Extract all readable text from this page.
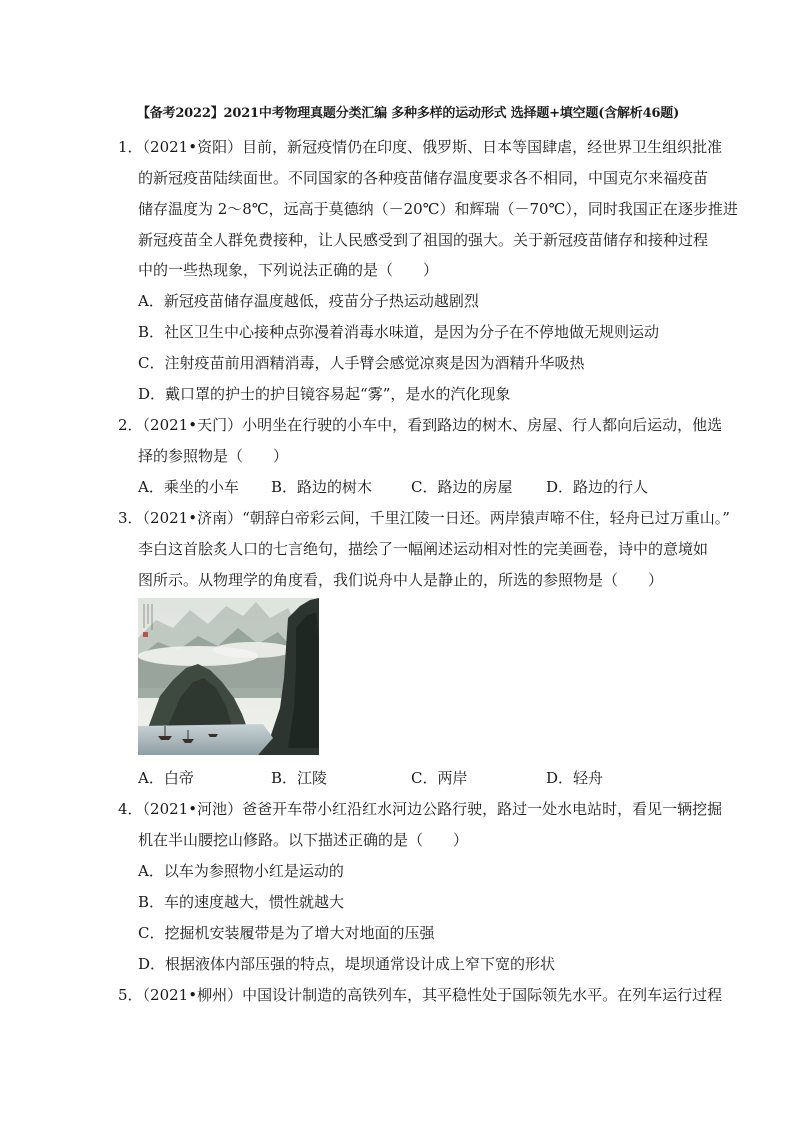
【备考2022】2021中考物理真题分类汇编 多种多样的运动形式 选择题+填空题(含解析46题)
1．（2021•资阳）目前，新冠疫情仍在印度、俄罗斯、日本等国肆虐，经世界卫生组织批准
的新冠疫苗陆续面世。不同国家的各种疫苗储存温度要求各不相同，中国克尔来福疫苗
储存温度为 2～8℃，远高于莫德纳（－20℃）和辉瑞（－70℃），同时我国正在逐步推进
新冠疫苗全人群免费接种，让人民感受到了祖国的强大。关于新冠疫苗储存和接种过程
中的一些热现象，下列说法正确的是（　　）
A．新冠疫苗储存温度越低，疫苗分子热运动越剧烈
B．社区卫生中心接种点弥漫着消毒水味道，是因为分子在不停地做无规则运动
C．注射疫苗前用酒精消毒，人手臂会感觉凉爽是因为酒精升华吸热
D．戴口罩的护士的护目镜容易起“雾”，是水的汽化现象
2．（2021•天门）小明坐在行驶的小车中，看到路边的树木、房屋、行人都向后运动，他选
择的参照物是（　　）
A．乘坐的小车 B．路边的树木	C．路边的房屋 D．路边的行人
3．（2021•济南）“朝辞白帝彩云间，千里江陵一日还。两岸猿声啼不住，轻舟已过万重山。”
李白这首脍炙人口的七言绝句，描绘了一幅阐述运动相对性的完美画卷，诗中的意境如
图所示。从物理学的角度看，我们说舟中人是静止的，所选的参照物是（　　）
A．白帝	B．江陵	C．两岸	D．轻舟
4．（2021•河池）爸爸开车带小红沿红水河边公路行驶，路过一处水电站时，看见一辆挖掘
机在半山腰挖山修路。以下描述正确的是（　　）
A．以车为参照物小红是运动的
B．车的速度越大，惯性就越大
C．挖掘机安装履带是为了增大对地面的压强
D．根据液体内部压强的特点，堤坝通常设计成上窄下宽的形状
5．（2021•柳州）中国设计制造的高铁列车，其平稳性处于国际领先水平。在列车运行过程
